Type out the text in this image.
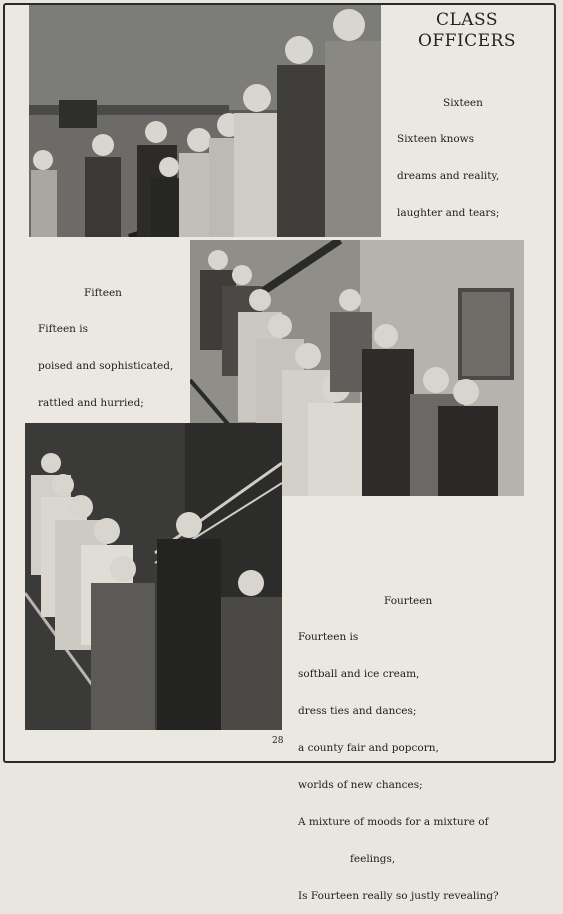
CLASS
OFFICERS

Sixteen

Sixteen knows

dreams and reality,

laughter and tears;

Fifteen

Fifteen is

poised and sophisticated,

rattled and hurried;

Fourteen

Fourteen is

softball and ice cream,

dress ties and dances;

a county fair and popcorn,

worlds of new chances;

A mixture of moods for a mixture of

feelings,

Is Fourteen really so justly revealing?

28
